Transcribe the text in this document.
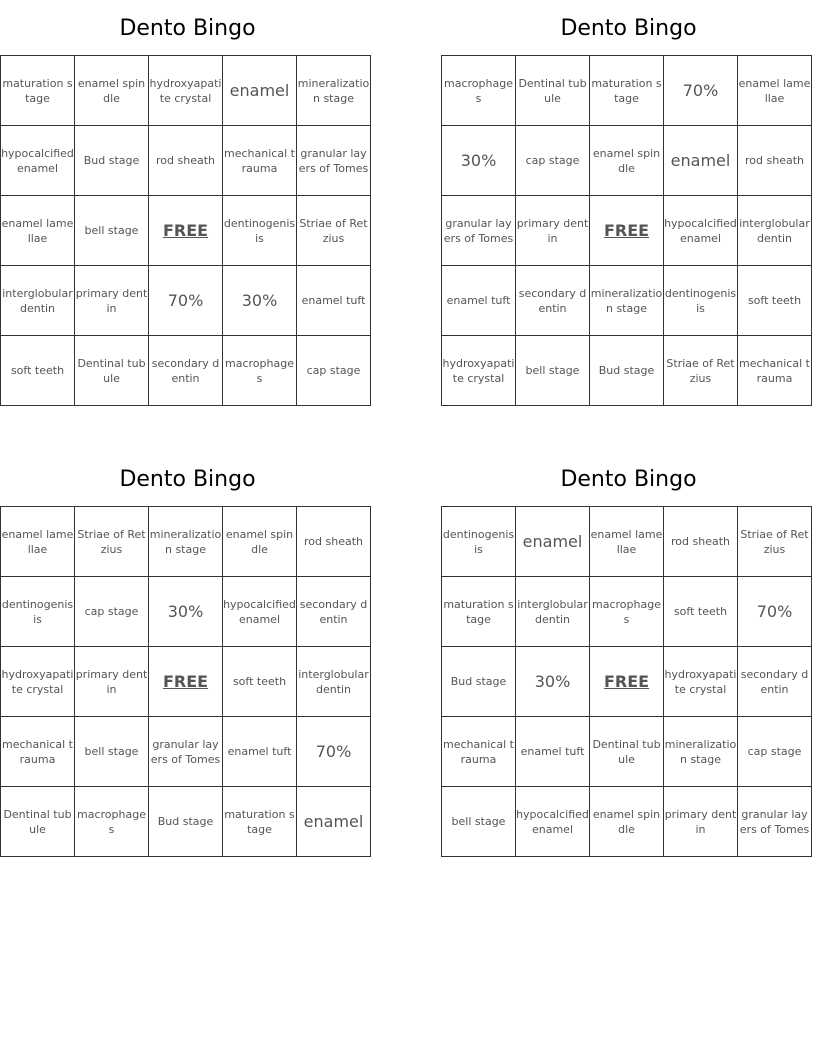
Dento Bingo
maturation stage	enamel spindle	hydroxyapatite crystal	enamel	mineralization stage
hypocalcified enamel	Bud stage	rod sheath	mechanical trauma	granular layers of Tomes
enamel lamellae	bell stage	FREE	dentinogenisis	Striae of Retzius
interglobular dentin	primary dentin	70%	30%	enamel tuft
soft teeth	Dentinal tubule	secondary dentin	macrophages	cap stage
Dento Bingo
macrophages	Dentinal tubule	maturation stage	70%	enamel lamellae
30%	cap stage	enamel spindle	enamel	rod sheath
granular layers of Tomes	primary dentin	FREE	hypocalcified enamel	interglobular dentin
enamel tuft	secondary dentin	mineralization stage	dentinogenisis	soft teeth
hydroxyapatite crystal	bell stage	Bud stage	Striae of Retzius	mechanical trauma
Dento Bingo
enamel lamellae	Striae of Retzius	mineralization stage	enamel spindle	rod sheath
dentinogenisis	cap stage	30%	hypocalcified enamel	secondary dentin
hydroxyapatite crystal	primary dentin	FREE	soft teeth	interglobular dentin
mechanical trauma	bell stage	granular layers of Tomes	enamel tuft	70%
Dentinal tubule	macrophages	Bud stage	maturation stage	enamel
Dento Bingo
dentinogenisis	enamel	enamel lamellae	rod sheath	Striae of Retzius
maturation stage	interglobular dentin	macrophages	soft teeth	70%
Bud stage	30%	FREE	hydroxyapatite crystal	secondary dentin
mechanical trauma	enamel tuft	Dentinal tubule	mineralization stage	cap stage
bell stage	hypocalcified enamel	enamel spindle	primary dentin	granular layers of Tomes
